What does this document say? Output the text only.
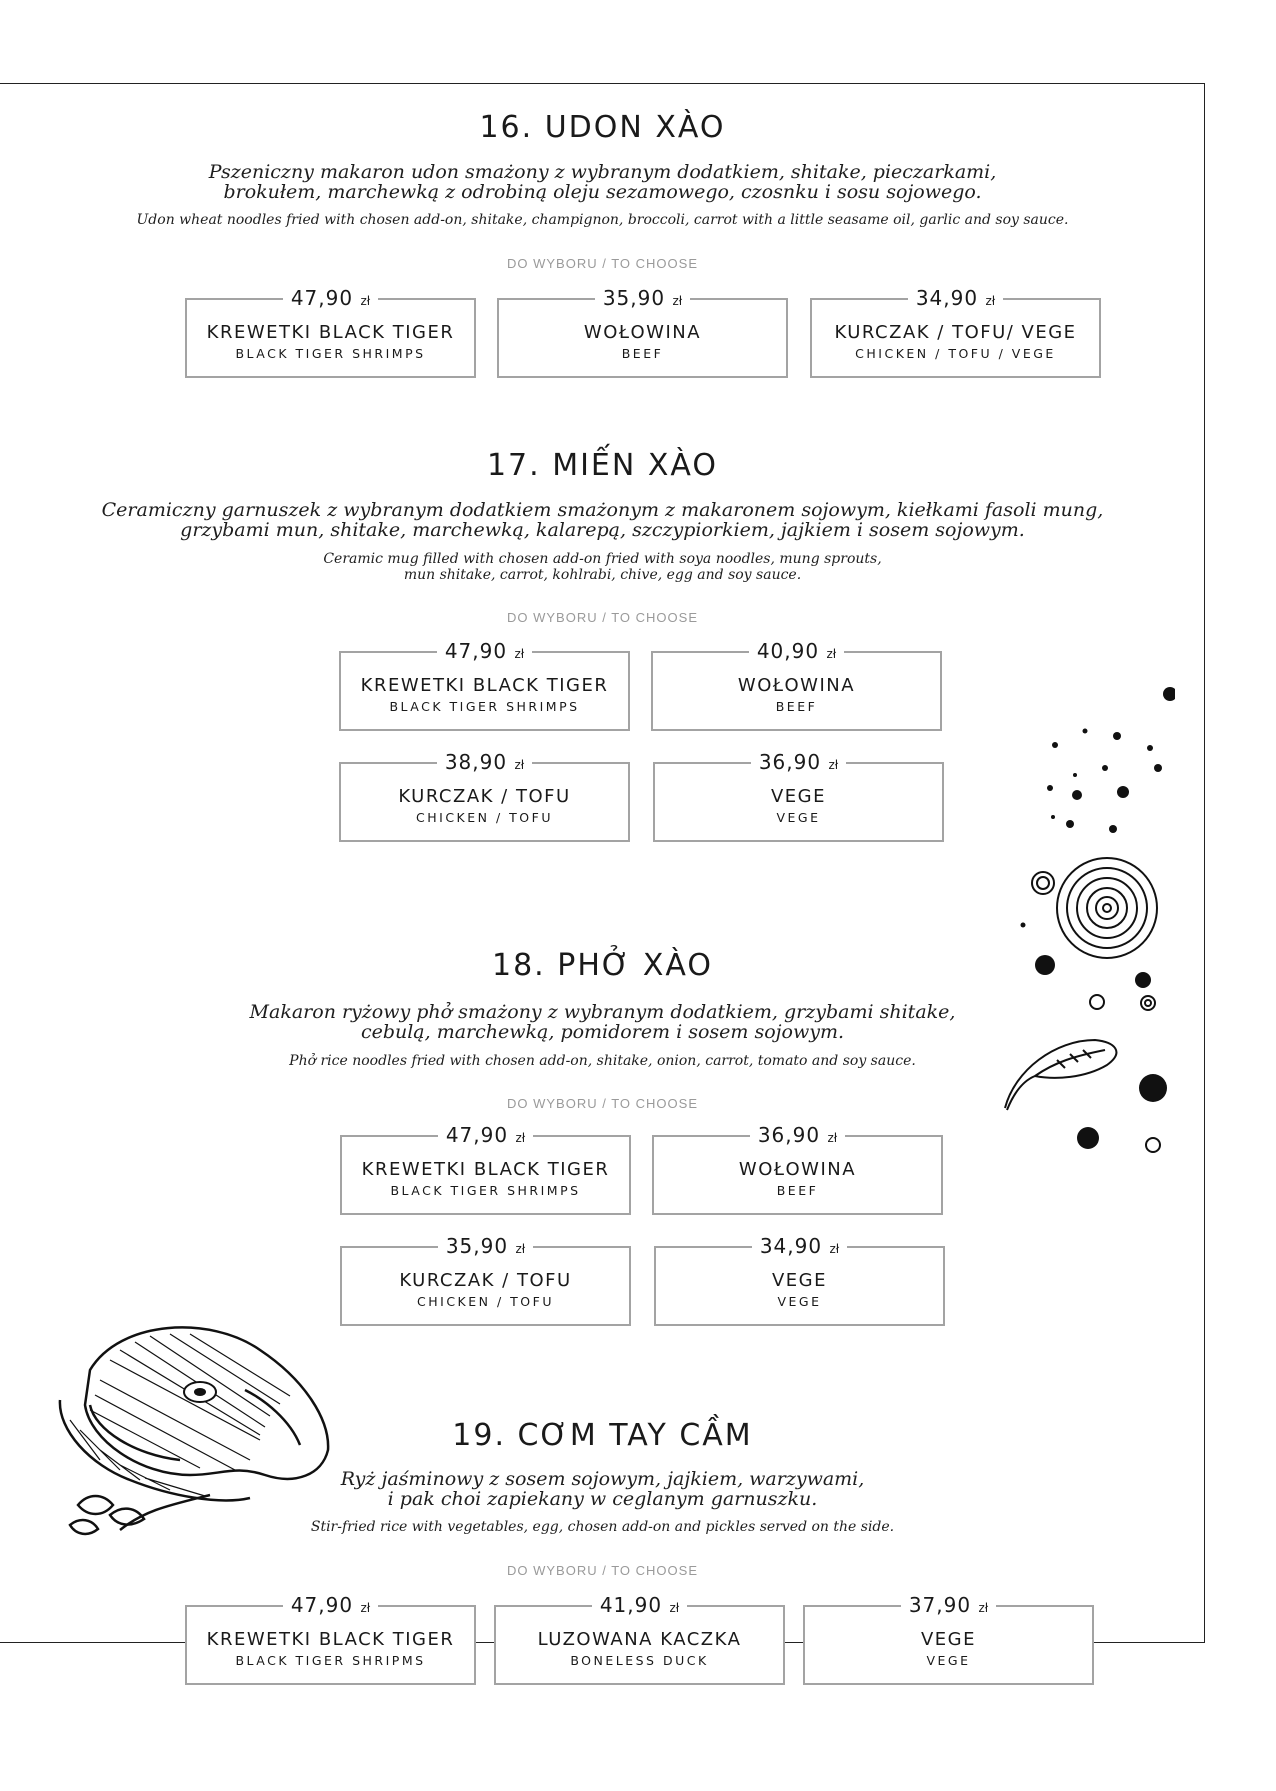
16. UDON XÀO
Pszeniczny makaron udon smażony z wybranym dodatkiem, shitake, pieczarkami,
brokułem, marchewką z odrobiną oleju sezamowego, czosnku i sosu sojowego.
Udon wheat noodles fried with chosen add-on, shitake, champignon, broccoli, carrot with a little seasame oil, garlic and soy sauce.
DO WYBORU / TO CHOOSE
47,90 zł
KREWETKI BLACK TIGER
BLACK TIGER SHRIMPS
35,90 zł
WOŁOWINA
BEEF
34,90 zł
KURCZAK / TOFU/ VEGE
CHICKEN / TOFU / VEGE
17. MIẾN XÀO
Ceramiczny garnuszek z wybranym dodatkiem smażonym z makaronem sojowym, kiełkami fasoli mung,
grzybami mun, shitake, marchewką, kalarepą, szczypiorkiem, jajkiem i sosem sojowym.
Ceramic mug filled with chosen add-on fried with soya noodles, mung sprouts,
mun shitake, carrot, kohlrabi, chive, egg and soy sauce.
DO WYBORU / TO CHOOSE
47,90 zł
KREWETKI BLACK TIGER
BLACK TIGER SHRIMPS
40,90 zł
WOŁOWINA
BEEF
38,90 zł
KURCZAK / TOFU
CHICKEN / TOFU
36,90 zł
VEGE
VEGE
18. PHỞ XÀO
Makaron ryżowy phở smażony z wybranym dodatkiem, grzybami shitake,
cebulą, marchewką, pomidorem i sosem sojowym.
Phở rice noodles fried with chosen add-on, shitake, onion, carrot, tomato and soy sauce.
DO WYBORU / TO CHOOSE
47,90 zł
KREWETKI BLACK TIGER
BLACK TIGER SHRIMPS
36,90 zł
WOŁOWINA
BEEF
35,90 zł
KURCZAK / TOFU
CHICKEN / TOFU
34,90 zł
VEGE
VEGE
19. CƠM TAY CẦM
Ryż jaśminowy z sosem sojowym, jajkiem, warzywami,
i pak choi zapiekany w ceglanym garnuszku.
Stir-fried rice with vegetables, egg, chosen add-on and pickles served on the side.
DO WYBORU / TO CHOOSE
47,90 zł
KREWETKI BLACK TIGER
BLACK TIGER SHRIPMS
41,90 zł
LUZOWANA KACZKA
BONELESS DUCK
37,90 zł
VEGE
VEGE
